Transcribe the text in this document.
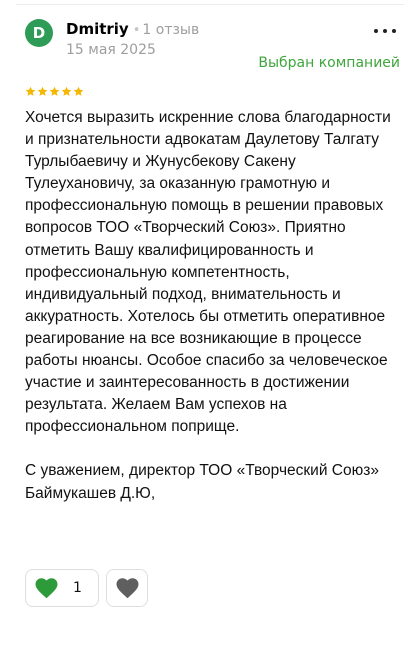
D	Dmitriy • 1 отзыв
15 мая 2025
Выбран компанией

Хочется выразить искренние слова благодарности и признательности адвокатам Даулетову Талгату Турлыбаевичу и Жунусбекову Сакену Тулеухановичу, за оказанную грамотную и профессиональную помощь в решении правовых вопросов ТОО «Творческий Союз». Приятно отметить Вашу квалифицированность и профессиональную компетентность, индивидуальный подход, внимательность и аккуратность. Хотелось бы отметить оперативное реагирование на все возникающие в процессе работы нюансы. Особое спасибо за человеческое участие и заинтересованность в достижении результата. Желаем Вам успехов на профессиональном поприще.

С уважением, директор ТОО «Творческий Союз»

Баймукашев Д.Ю,

1
